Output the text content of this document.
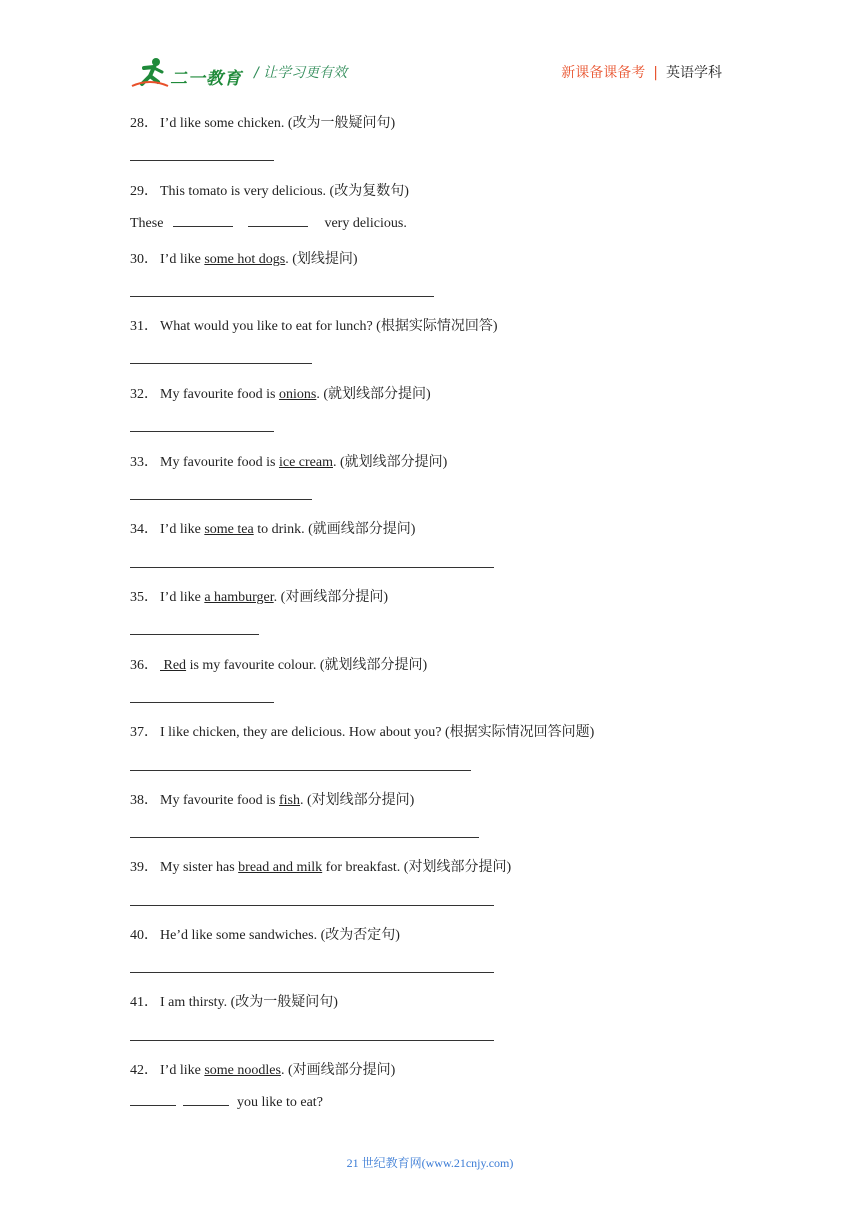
二一教育 / 让学习更有效	新课备课备考 | 英语学科
28． I’d like some chicken. (改为一般疑问句)
29． This tomato is very delicious. (改为复数句)
30． I’d like some hot dogs. (划线提问)
31． What would you like to eat for lunch? (根据实际情况回答)
32． My favourite food is onions. (就划线部分提问)
33． My favourite food is ice cream. (就划线部分提问)
34． I’d like some tea to drink. (就画线部分提问)
35． I’d like a hamburger. (对画线部分提问)
36． Red is my favourite colour. (就划线部分提问)
37． I like chicken, they are delicious. How about you? (根据实际情况回答问题)
38． My favourite food is fish. (对划线部分提问)
39． My sister has bread and milk for breakfast. (对划线部分提问)
40． He’d like some sandwiches. (改为否定句)
41． I am thirsty. (改为一般疑问句)
42． I’d like some noodles. (对画线部分提问)
These	very delicious.
you like to eat?
21 世纪教育网(www.21cnjy.com)
